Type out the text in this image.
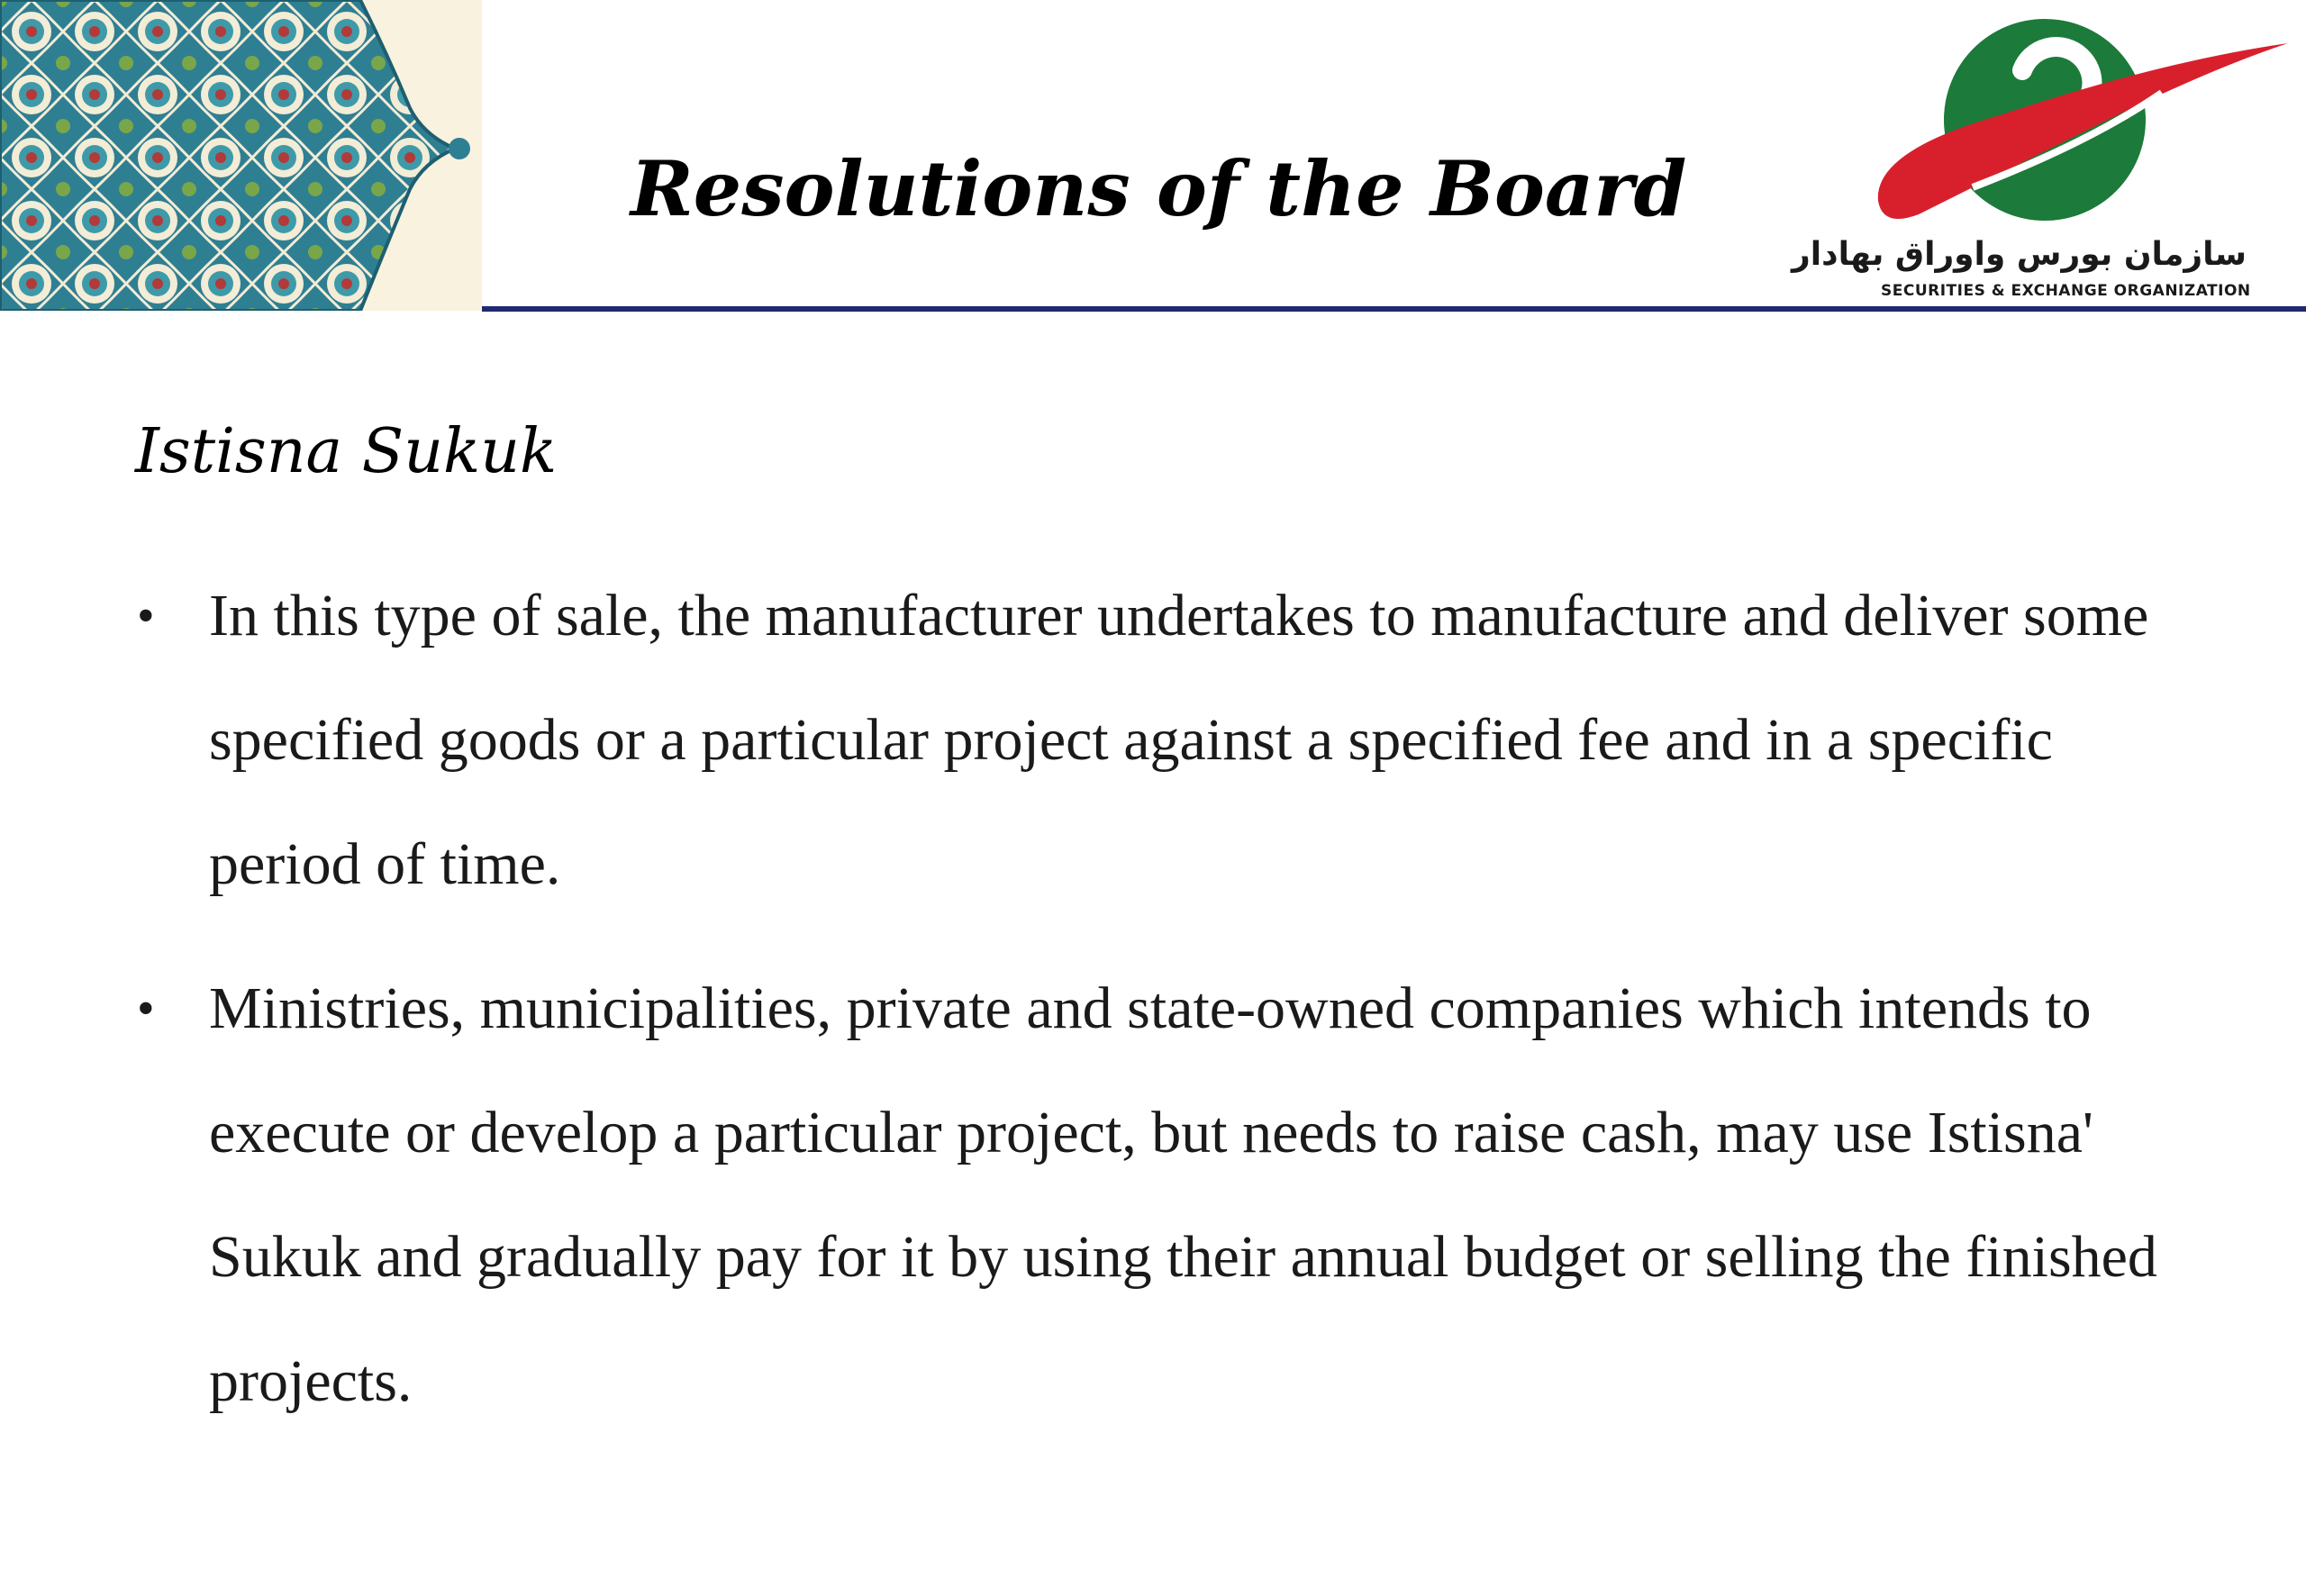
Resolutions of the Board
سازمان بورس واوراق بهادار
SECURITIES & EXCHANGE ORGANIZATION
Istisna Sukuk
• In this type of sale, the manufacturer undertakes to manufacture and deliver some specified goods or a particular project against a specified fee and in a specific period of time.
• Ministries, municipalities, private and state-owned companies which intends to execute or develop a particular project, but needs to raise cash, may use Istisna' Sukuk and gradually pay for it by using their annual budget or selling the finished projects.
